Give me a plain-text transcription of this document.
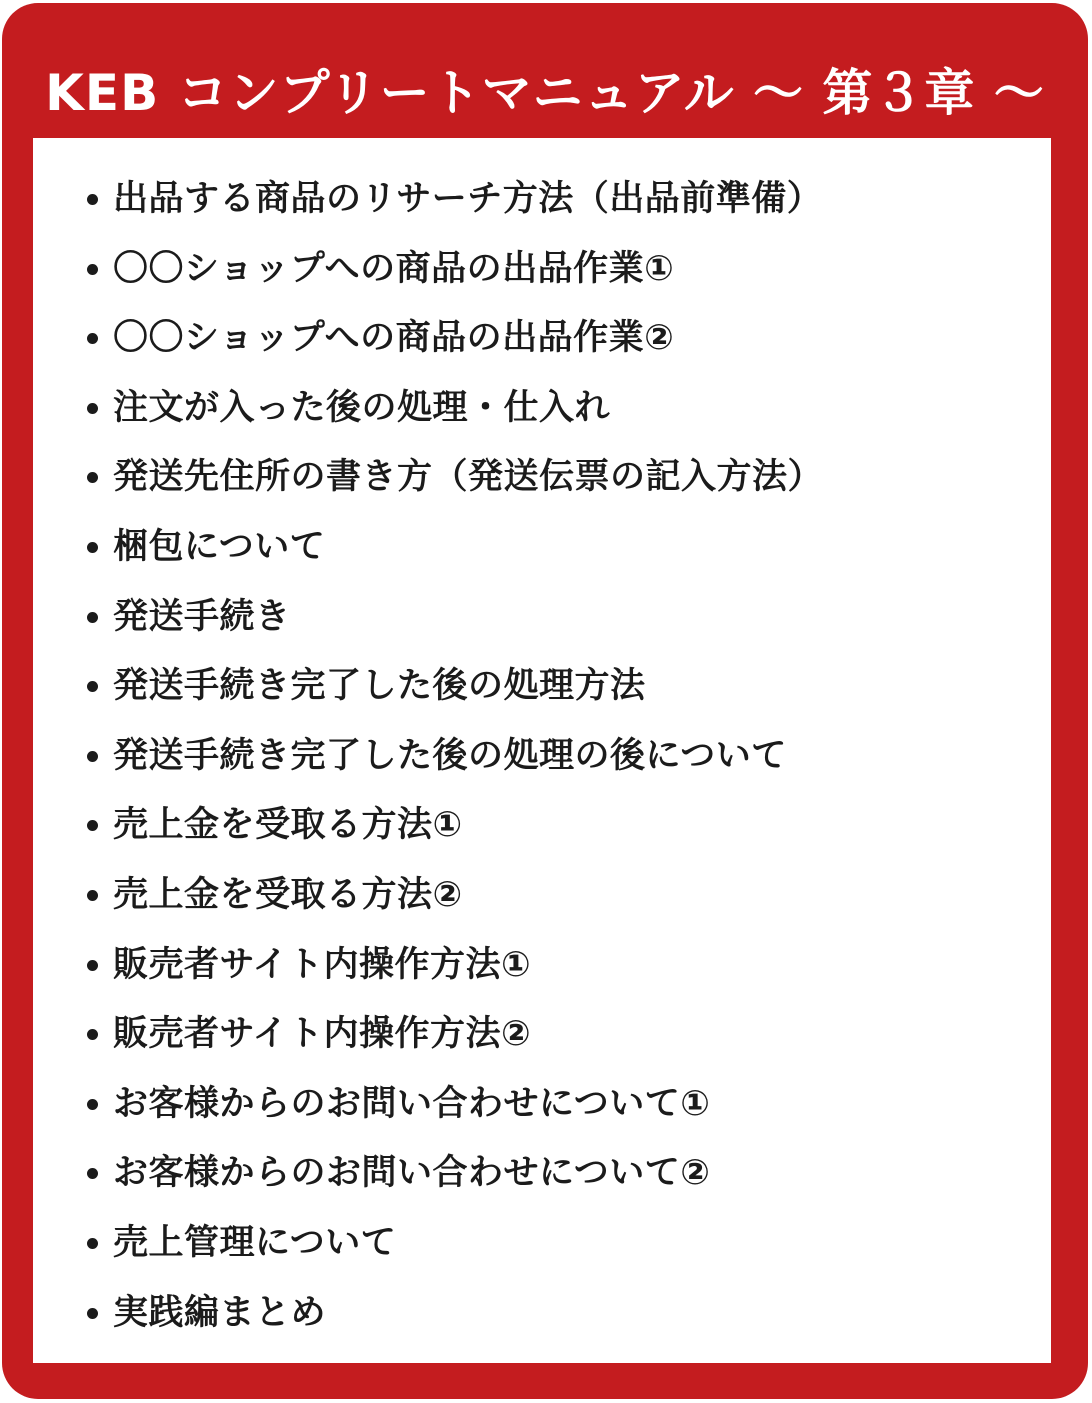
KEB コンプリートマニュアル 〜 第３章 〜
出品する商品のリサーチ方法（出品前準備）
〇〇ショップへの商品の出品作業①
〇〇ショップへの商品の出品作業②
注文が入った後の処理・仕入れ
発送先住所の書き方（発送伝票の記入方法）
梱包について
発送手続き
発送手続き完了した後の処理方法
発送手続き完了した後の処理の後について
売上金を受取る方法①
売上金を受取る方法②
販売者サイト内操作方法①
販売者サイト内操作方法②
お客様からのお問い合わせについて①
お客様からのお問い合わせについて②
売上管理について
実践編まとめ
